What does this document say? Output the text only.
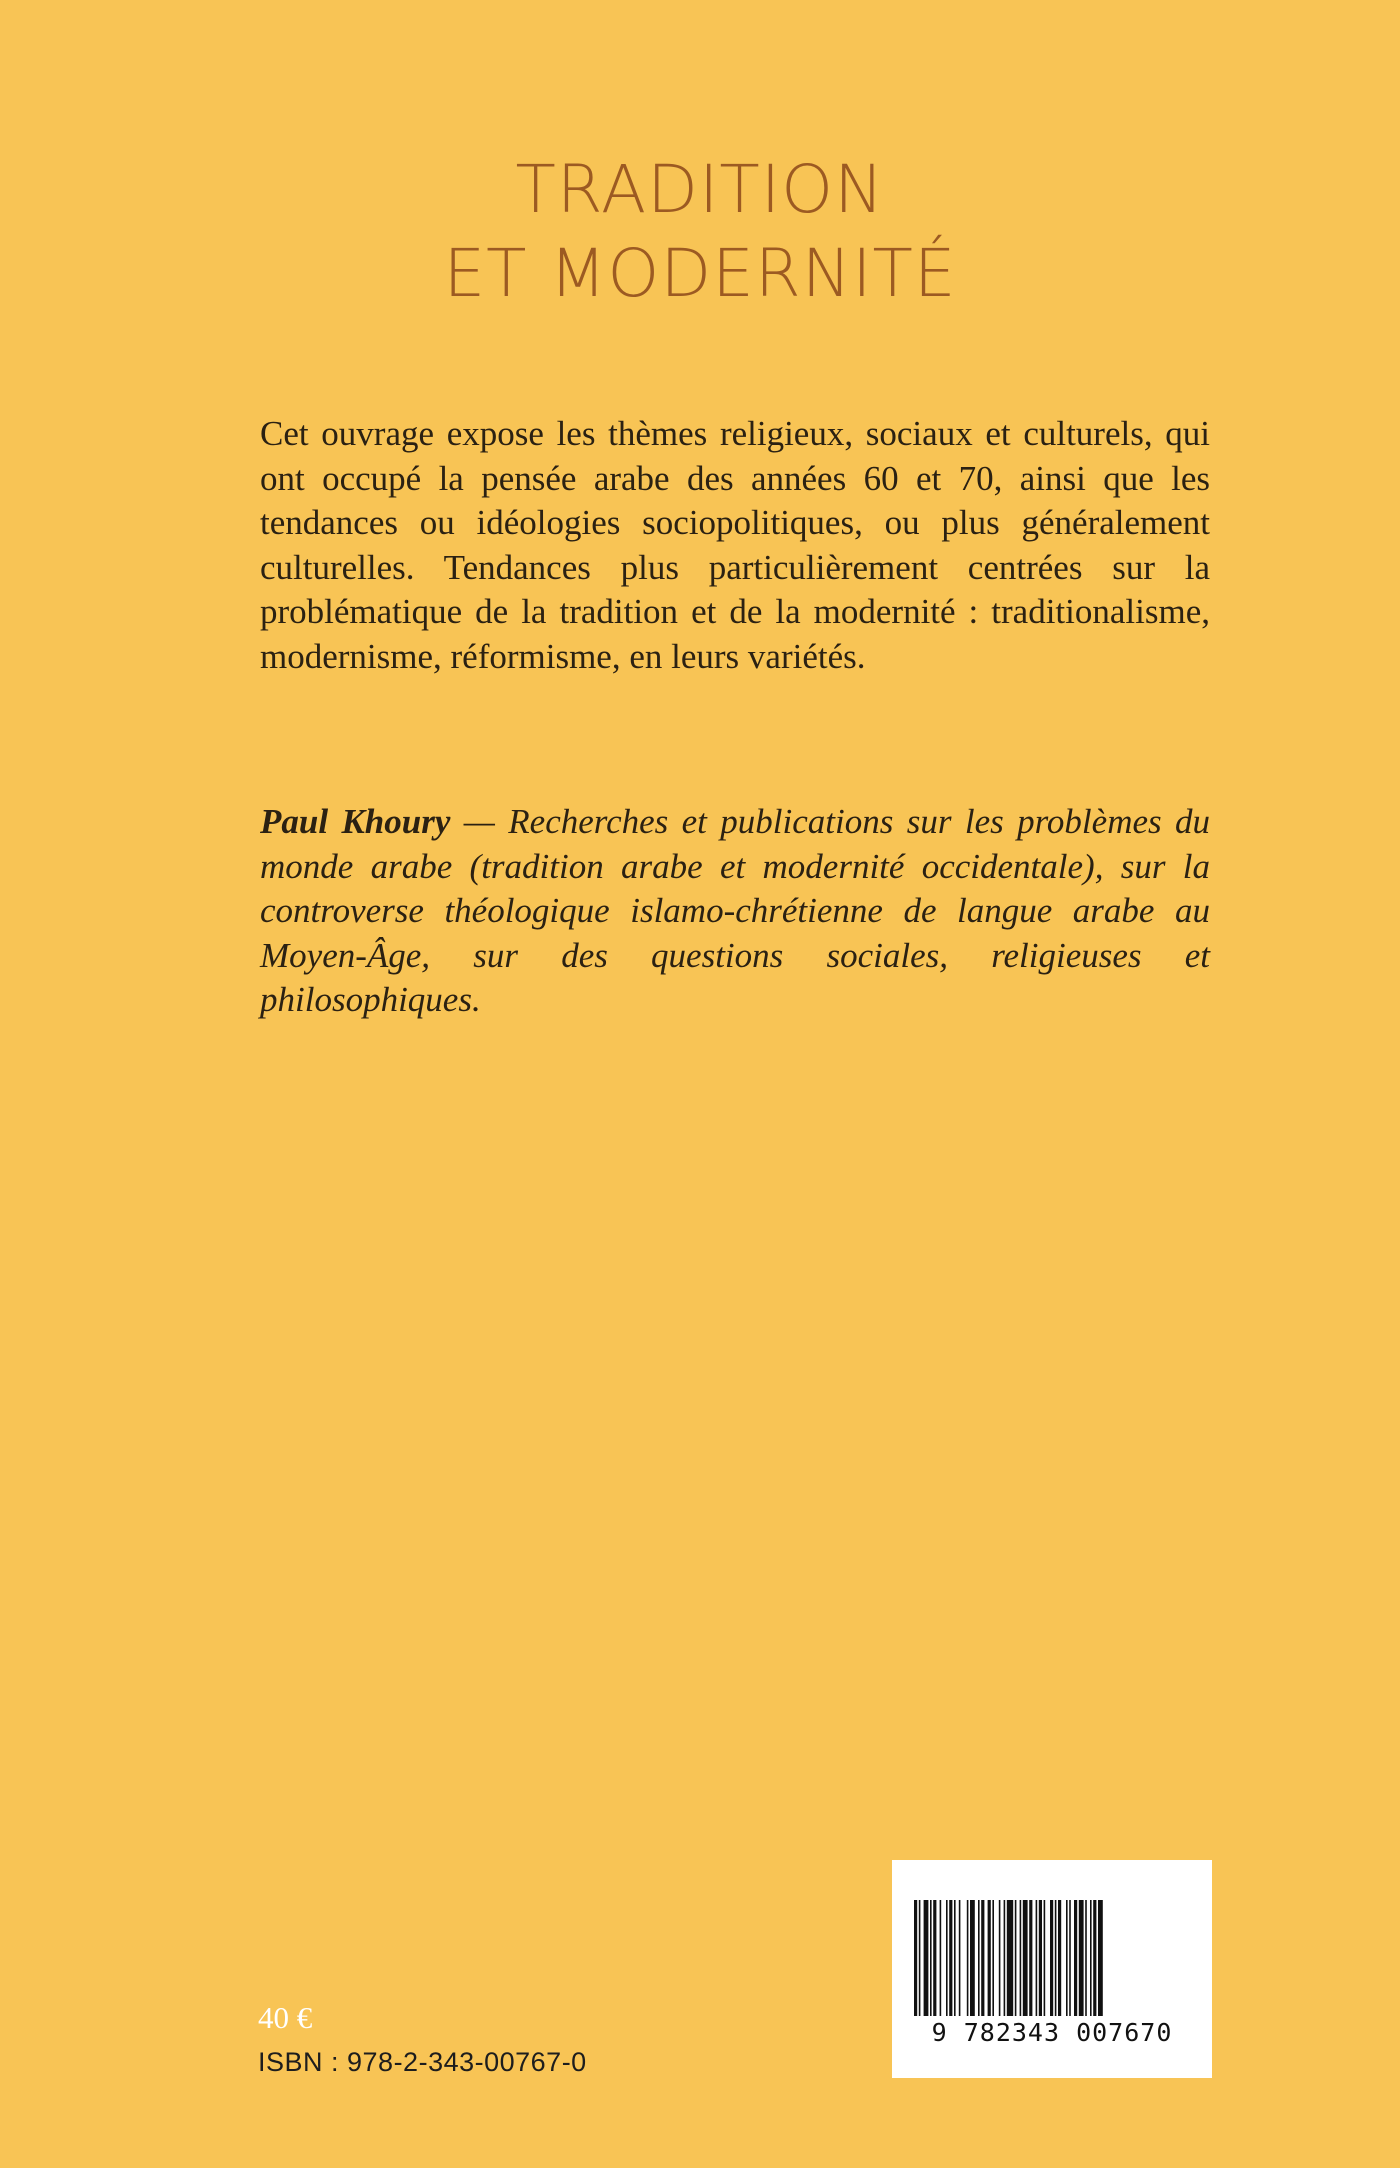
TRADITION
ET MODERNITÉ

Cet ouvrage expose les thèmes religieux, sociaux et culturels, qui ont occupé la pensée arabe des années 60 et 70, ainsi que les tendances ou idéologies sociopolitiques, ou plus généralement culturelles. Tendances plus particulièrement centrées sur la problématique de la tradition et de la modernité : traditionalisme, modernisme, réformisme, en leurs variétés.

Paul Khoury — Recherches et publications sur les problèmes du monde arabe (tradition arabe et modernité occidentale), sur la controverse théologique islamo-chrétienne de langue arabe au Moyen-Âge, sur des questions sociales, religieuses et philosophiques.

40 €
ISBN : 978-2-343-00767-0
9 782343 007670
